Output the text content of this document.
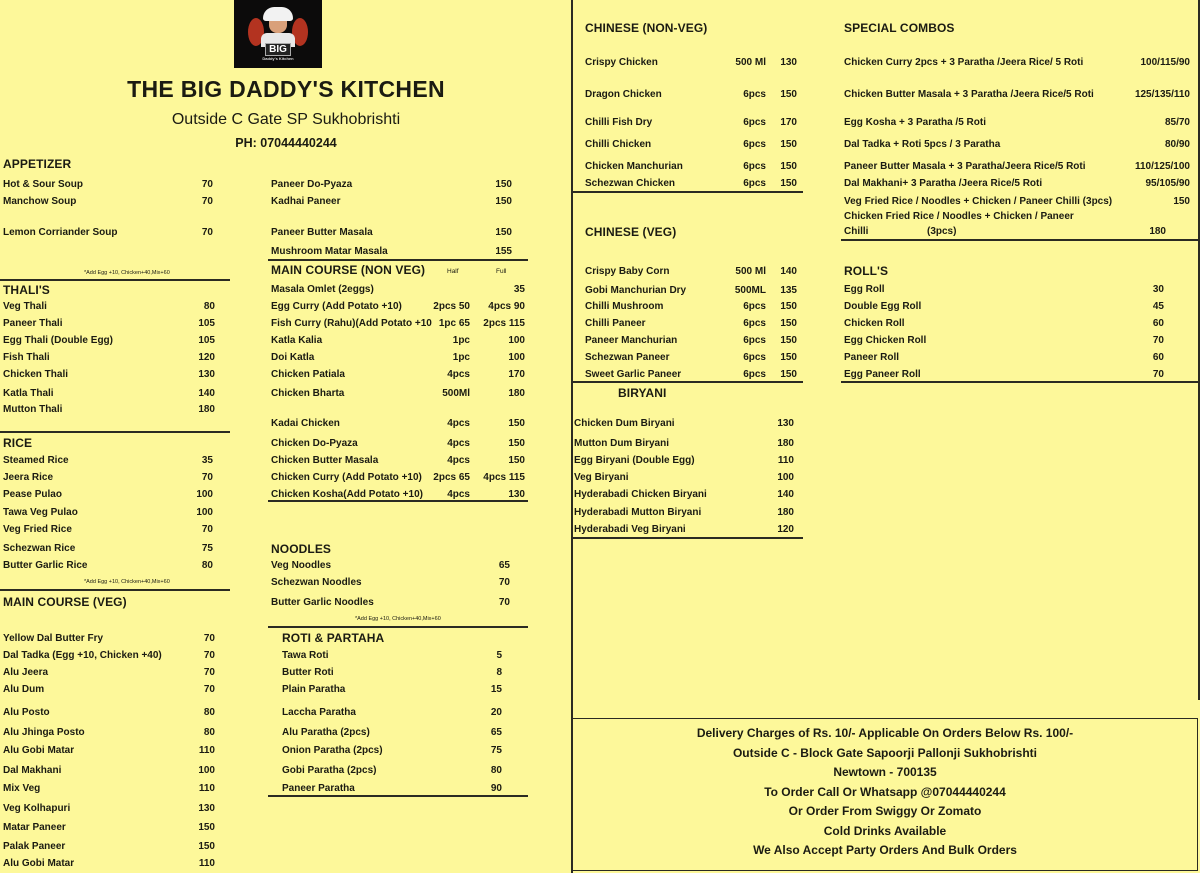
BIG
Daddy's Kitchen
THE BIG DADDY'S KITCHEN
Outside C Gate SP Sukhobrishti
PH: 07044440244
APPETIZER
Hot & Sour Soup	70
Manchow Soup	70
Lemon Corriander Soup	70
*Add Egg +10, Chicken+40,Mix+60
THALI'S
Veg Thali	80
Paneer Thali	105
Egg Thali (Double Egg)	105
Fish Thali	120
Chicken Thali	130
Katla Thali	140
Mutton Thali	180
RICE
Steamed Rice	35
Jeera Rice	70
Pease Pulao	100
Tawa Veg Pulao	100
Veg Fried Rice	70
Schezwan Rice	75
Butter Garlic Rice	80
*Add Egg +10, Chicken+40,Mix+60
MAIN COURSE (VEG)
Yellow Dal Butter Fry	70
Dal Tadka (Egg +10, Chicken +40)	70
Alu Jeera	70
Alu Dum	70
Alu Posto	80
Alu Jhinga Posto	80
Alu Gobi Matar	110
Dal Makhani	100
Mix Veg	110
Veg Kolhapuri	130
Matar Paneer	150
Palak Paneer	150
Alu Gobi Matar	110
Paneer Do-Pyaza	150
Kadhai Paneer	150
Paneer Butter Masala	150
Mushroom Matar Masala	155
MAIN COURSE (NON VEG)	Half	Full
Masala Omlet (2eggs)	35
Egg Curry (Add Potato +10)	2pcs 50	4pcs 90
Fish Curry (Rahu)(Add Potato +10 1pc 65	2pcs 115
Katla Kalia	1pc	100
Doi Katla	1pc	100
Chicken Patiala	4pcs	170
Chicken Bharta	500Ml	180
Kadai Chicken	4pcs	150
Chicken Do-Pyaza	4pcs	150
Chicken Butter Masala	4pcs	150
Chicken Curry (Add Potato +10)	2pcs 65	4pcs 115
Chicken Kosha(Add Potato +10)	4pcs	130
NOODLES
Veg Noodles	65
Schezwan Noodles	70
Butter Garlic Noodles	70
*Add Egg +10, Chicken+40,Mix+60
ROTI & PARTAHA
Tawa Roti	5
Butter Roti	8
Plain Paratha	15
Laccha Paratha	20
Alu Paratha (2pcs)	65
Onion Paratha (2pcs)	75
Gobi Paratha (2pcs)	80
Paneer Paratha	90
CHINESE (NON-VEG)
Crispy Chicken	500 Ml	130
Dragon Chicken	6pcs	150
Chilli Fish Dry	6pcs	170
Chilli Chicken	6pcs	150
Chicken Manchurian	6pcs	150
Schezwan Chicken	6pcs	150
CHINESE (VEG)
Crispy Baby Corn	500 Ml	140
Gobi Manchurian Dry	500ML	135
Chilli Mushroom	6pcs	150
Chilli Paneer	6pcs	150
Paneer Manchurian	6pcs	150
Schezwan Paneer	6pcs	150
Sweet Garlic Paneer	6pcs	150
BIRYANI
Chicken Dum Biryani	130
Mutton Dum Biryani	180
Egg Biryani (Double Egg)	110
Veg Biryani	100
Hyderabadi Chicken Biryani	140
Hyderabadi Mutton Biryani	180
Hyderabadi Veg Biryani	120
SPECIAL COMBOS
Chicken Curry 2pcs + 3 Paratha /Jeera Rice/ 5 Roti	100/115/90
Chicken Butter Masala + 3 Paratha /Jeera Rice/5 Roti	125/135/110
Egg Kosha + 3 Paratha /5 Roti	85/70
Dal Tadka + Roti 5pcs / 3 Paratha	80/90
Paneer Butter Masala + 3 Paratha/Jeera Rice/5 Roti	110/125/100
Dal Makhani+ 3 Paratha /Jeera Rice/5 Roti	95/105/90
Veg Fried Rice / Noodles + Chicken / Paneer Chilli (3pcs)	150
Chicken Fried Rice / Noodles + Chicken / Paneer
Chilli	(3pcs)	180
ROLL'S
Egg Roll	30
Double Egg Roll	45
Chicken Roll	60
Egg Chicken Roll	70
Paneer Roll	60
Egg Paneer Roll	70
Delivery Charges of Rs. 10/- Applicable On Orders Below Rs. 100/-
Outside C - Block Gate Sapoorji Pallonji Sukhobrishti
Newtown - 700135
To Order Call Or Whatsapp @07044440244
Or Order From Swiggy Or Zomato
Cold Drinks Available
We Also Accept Party Orders And Bulk Orders
